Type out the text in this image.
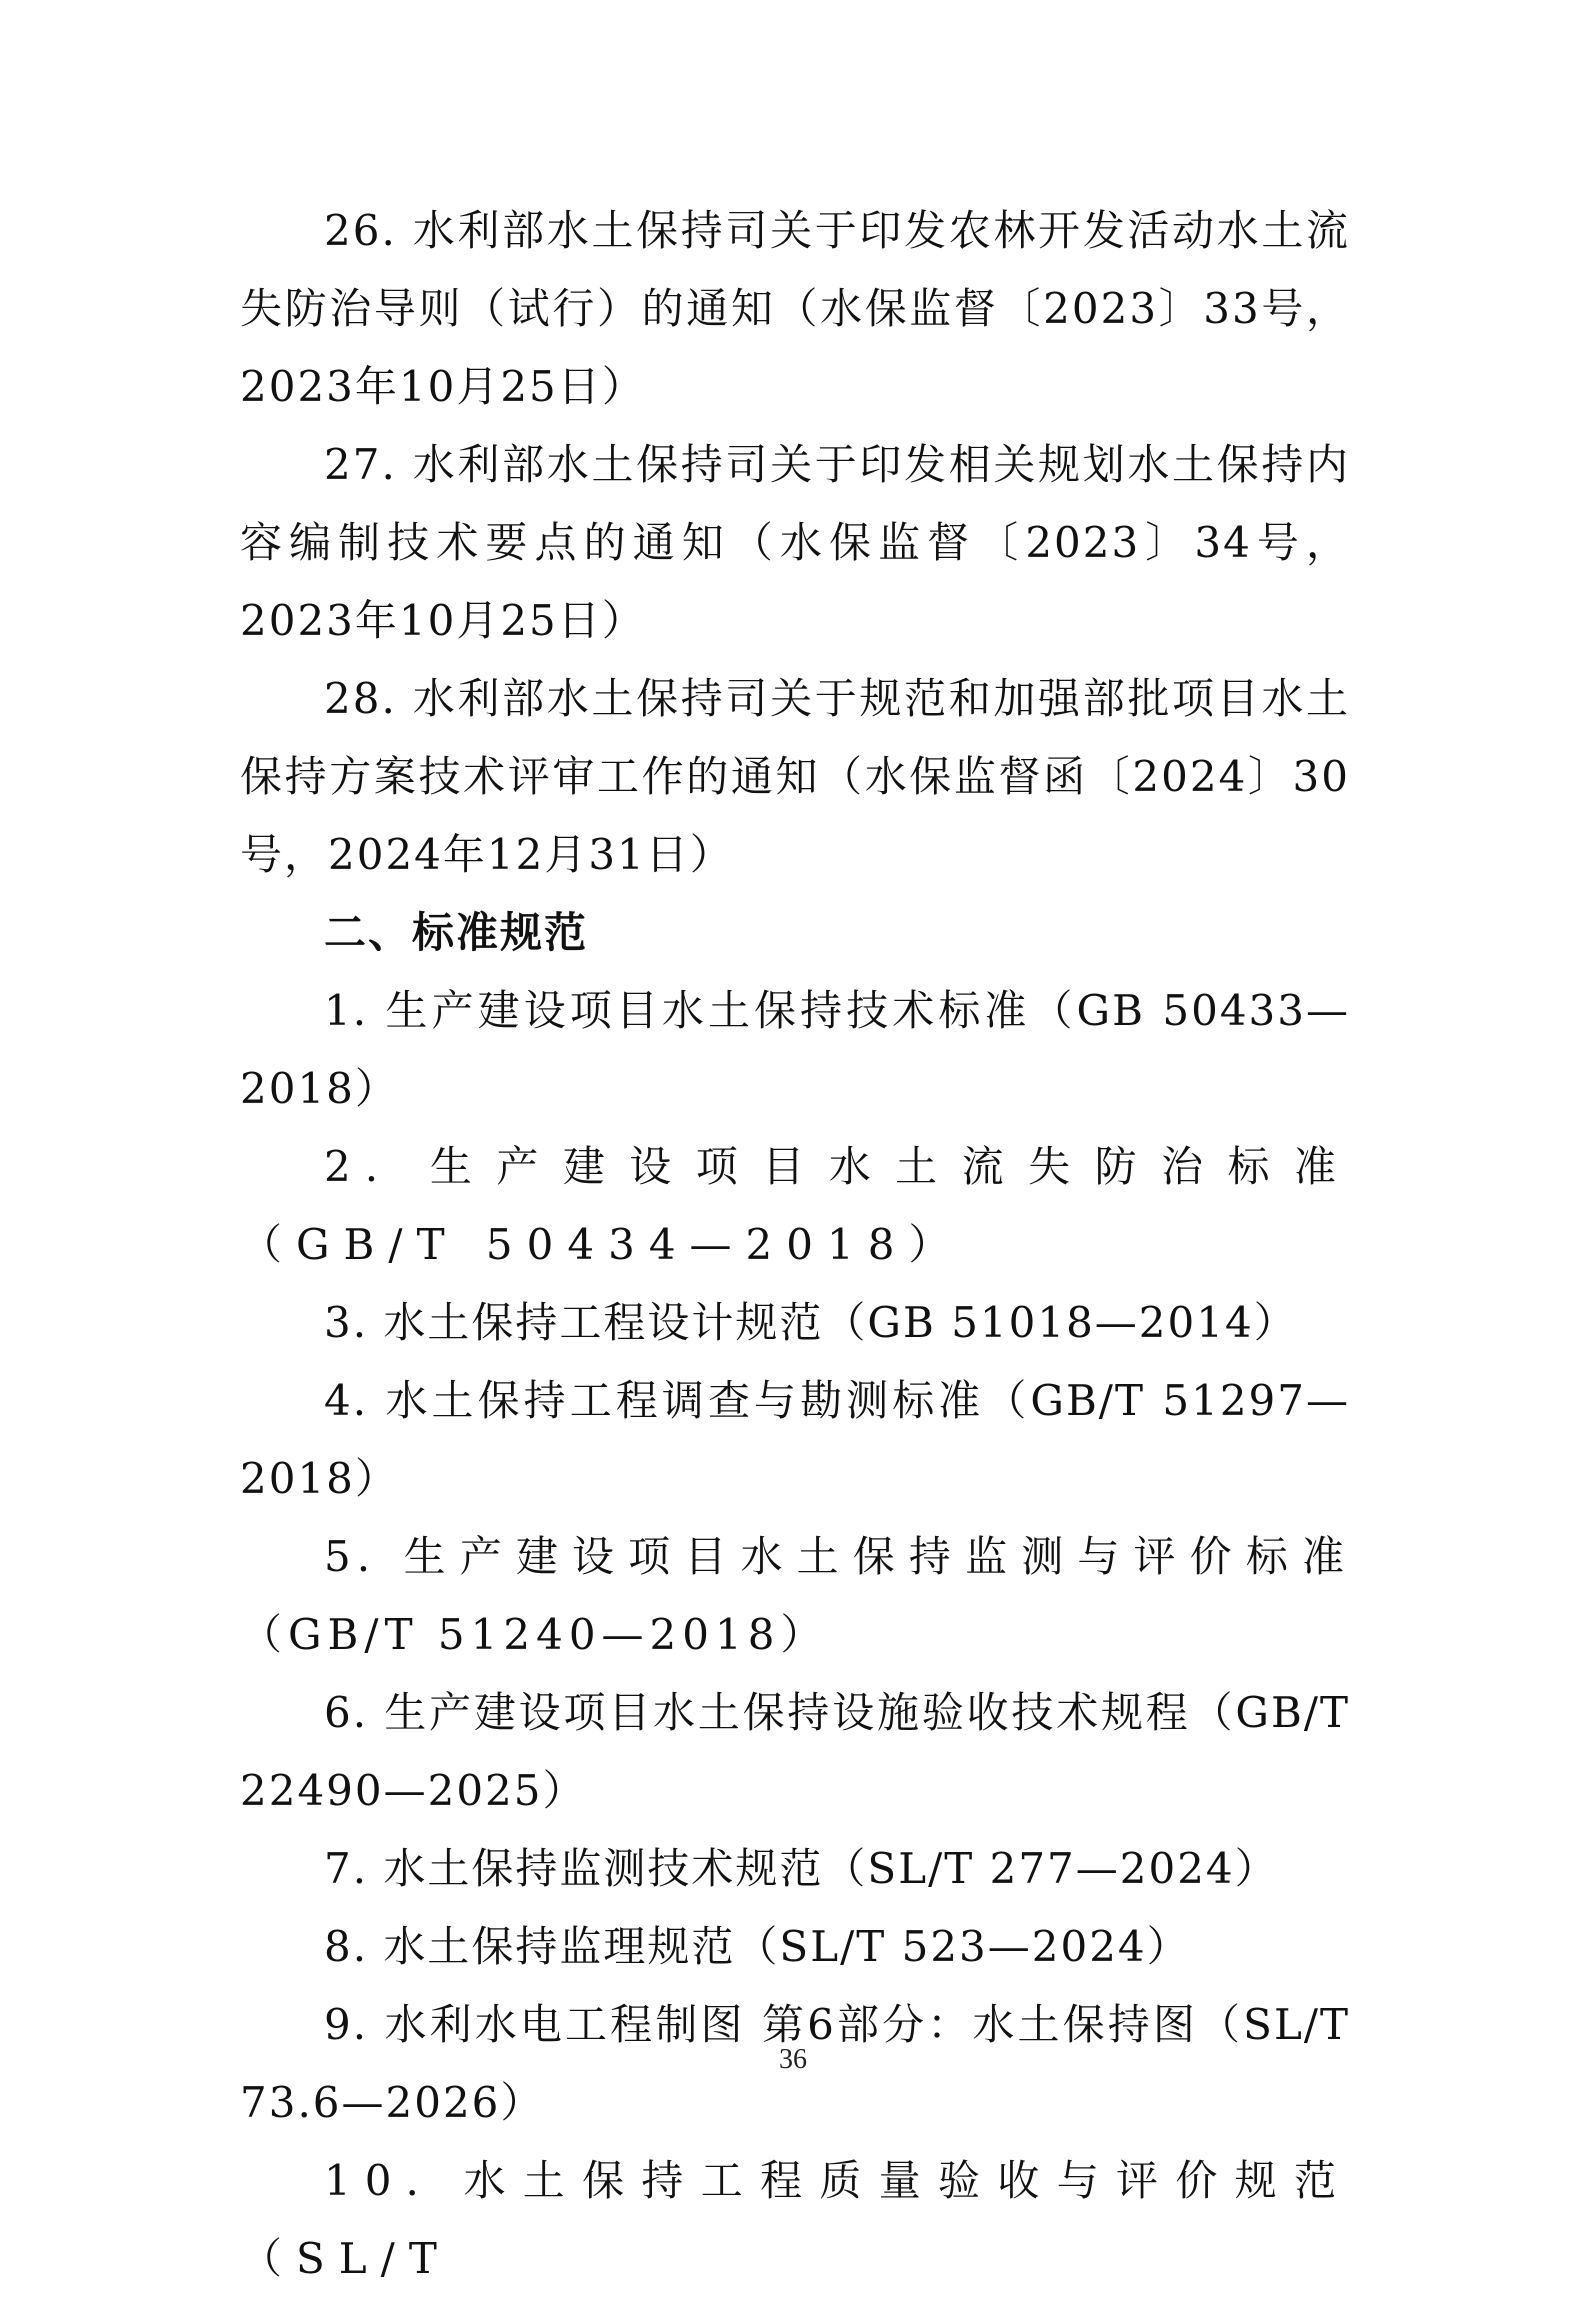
26. 水利部水土保持司关于印发农林开发活动水土流失防治导则（试行）的通知（水保监督〔2023〕33号，2023年10月25日）

27. 水利部水土保持司关于印发相关规划水土保持内容编制技术要点的通知（水保监督〔2023〕34号，2023年10月25日）

28. 水利部水土保持司关于规范和加强部批项目水土保持方案技术评审工作的通知（水保监督函〔2024〕30号，2024年12月31日）

二、标准规范

1. 生产建设项目水土保持技术标准（GB 50433—2018）

2. 生产建设项目水土流失防治标准（GB/T 50434—2018）

3. 水土保持工程设计规范（GB 51018—2014）

4. 水土保持工程调查与勘测标准（GB/T 51297—2018）

5. 生产建设项目水土保持监测与评价标准（GB/T 51240—2018）

6. 生产建设项目水土保持设施验收技术规程（GB/T 22490—2025）

7. 水土保持监测技术规范（SL/T 277—2024）

8. 水土保持监理规范（SL/T 523—2024）

9. 水利水电工程制图 第6部分：水土保持图（SL/T 73.6—2026）

10. 水土保持工程质量验收与评价规范（SL/T

36
